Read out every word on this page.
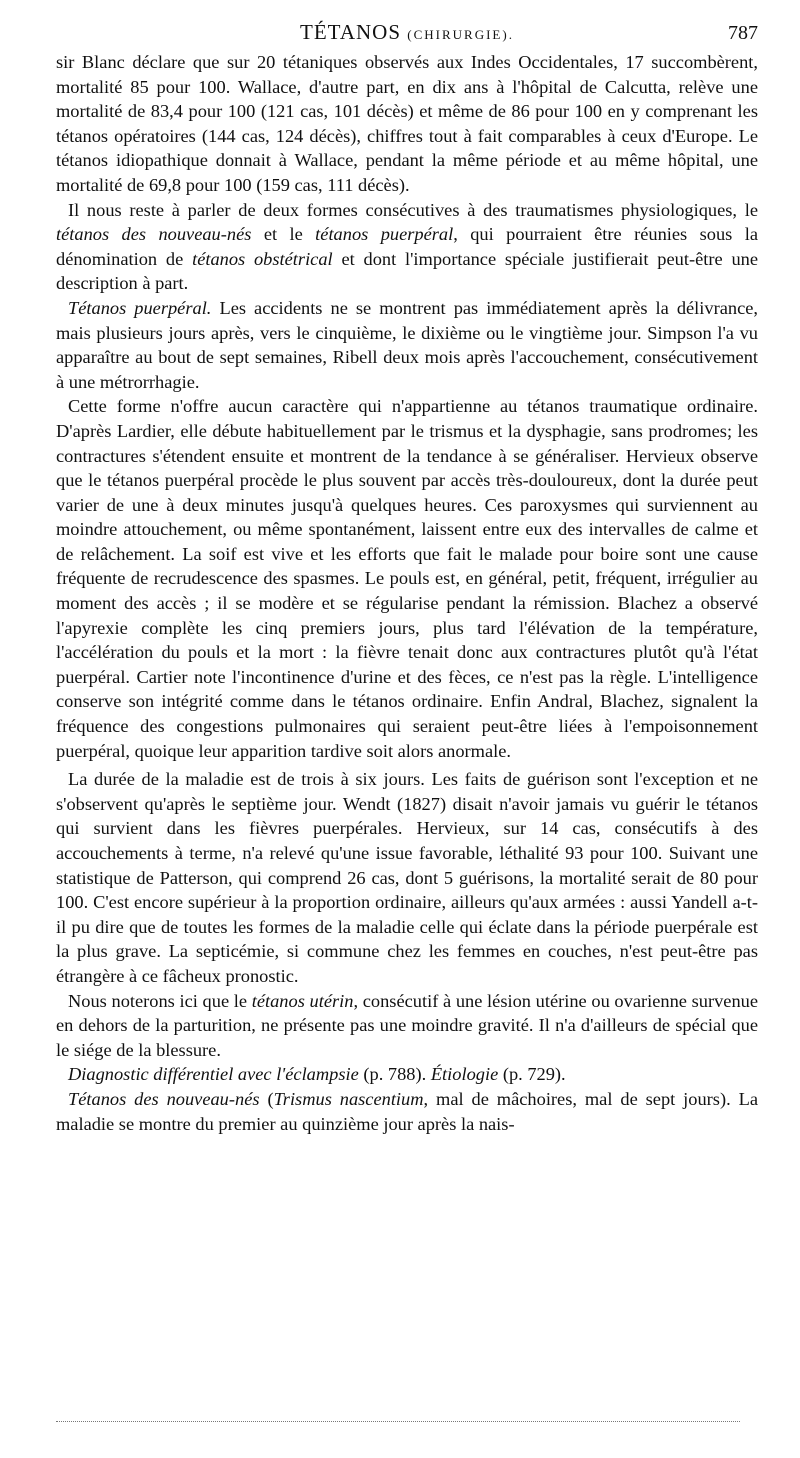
TÉTANOS (CHIRURGIE).	787

sir Blanc déclare que sur 20 tétaniques observés aux Indes Occidentales, 17 succombèrent, mortalité 85 pour 100. Wallace, d'autre part, en dix ans à l'hôpital de Calcutta, relève une mortalité de 83,4 pour 100 (121 cas, 101 décès) et même de 86 pour 100 en y comprenant les tétanos opératoires (144 cas, 124 décès), chiffres tout à fait comparables à ceux d'Europe. Le tétanos idiopathique donnait à Wallace, pendant la même période et au même hôpital, une mortalité de 69,8 pour 100 (159 cas, 111 décès).

Il nous reste à parler de deux formes consécutives à des traumatismes physiologiques, le tétanos des nouveau-nés et le tétanos puerpéral, qui pourraient être réunies sous la dénomination de tétanos obstétrical et dont l'importance spéciale justifierait peut-être une description à part.

Tétanos puerpéral. Les accidents ne se montrent pas immédiatement après la délivrance, mais plusieurs jours après, vers le cinquième, le dixième ou le vingtième jour. Simpson l'a vu apparaître au bout de sept semaines, Ribell deux mois après l'accouchement, consécutivement à une métrorrhagie.

Cette forme n'offre aucun caractère qui n'appartienne au tétanos traumatique ordinaire. D'après Lardier, elle débute habituellement par le trismus et la dysphagie, sans prodromes; les contractures s'étendent ensuite et montrent de la tendance à se généraliser. Hervieux observe que le tétanos puerpéral procède le plus souvent par accès très-douloureux, dont la durée peut varier de une à deux minutes jusqu'à quelques heures. Ces paroxysmes qui surviennent au moindre attouchement, ou même spontanément, laissent entre eux des intervalles de calme et de relâchement. La soif est vive et les efforts que fait le malade pour boire sont une cause fréquente de recrudescence des spasmes. Le pouls est, en général, petit, fréquent, irrégulier au moment des accès ; il se modère et se régularise pendant la rémission. Blachez a observé l'apyrexie complète les cinq premiers jours, plus tard l'élévation de la température, l'accélération du pouls et la mort : la fièvre tenait donc aux contractures plutôt qu'à l'état puerpéral. Cartier note l'incontinence d'urine et des fèces, ce n'est pas la règle. L'intelligence conserve son intégrité comme dans le tétanos ordinaire. Enfin Andral, Blachez, signalent la fréquence des congestions pulmonaires qui seraient peut-être liées à l'empoisonnement puerpéral, quoique leur apparition tardive soit alors anormale.

La durée de la maladie est de trois à six jours. Les faits de guérison sont l'exception et ne s'observent qu'après le septième jour. Wendt (1827) disait n'avoir jamais vu guérir le tétanos qui survient dans les fièvres puerpérales. Hervieux, sur 14 cas, consécutifs à des accouchements à terme, n'a relevé qu'une issue favorable, léthalité 93 pour 100. Suivant une statistique de Patterson, qui comprend 26 cas, dont 5 guérisons, la mortalité serait de 80 pour 100. C'est encore supérieur à la proportion ordinaire, ailleurs qu'aux armées : aussi Yandell a-t-il pu dire que de toutes les formes de la maladie celle qui éclate dans la période puerpérale est la plus grave. La septicémie, si commune chez les femmes en couches, n'est peut-être pas étrangère à ce fâcheux pronostic.

Nous noterons ici que le tétanos utérin, consécutif à une lésion utérine ou ovarienne survenue en dehors de la parturition, ne présente pas une moindre gravité. Il n'a d'ailleurs de spécial que le siége de la blessure.

Diagnostic différentiel avec l'éclampsie (p. 788). Étiologie (p. 729).

Tétanos des nouveau-nés (Trismus nascentium, mal de mâchoires, mal de sept jours). La maladie se montre du premier au quinzième jour après la nais-
